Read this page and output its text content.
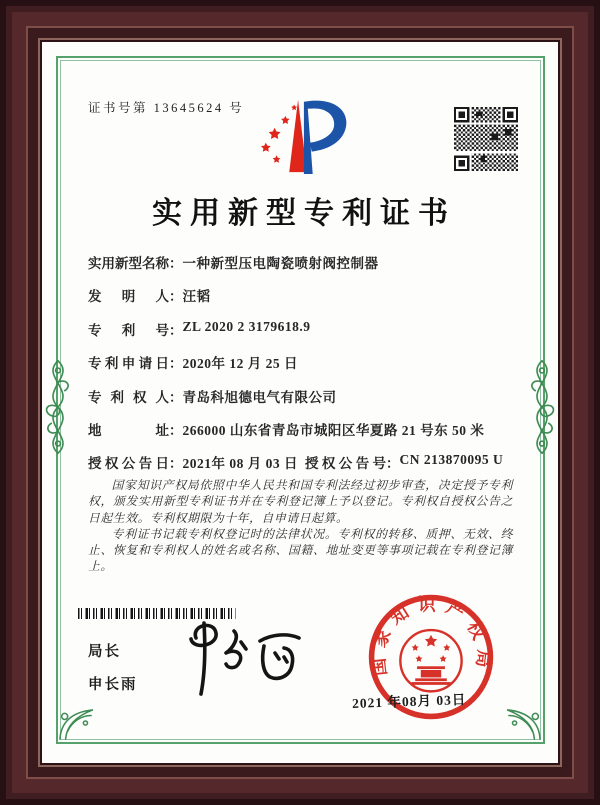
证书号第 13645624 号
实用新型专利证书
实用新型名称：一种新型压电陶瓷喷射阀控制器
发明人：汪韬
专利号：ZL 2020 2 3179618.9
专利申请日：2020年 12 月 25 日
专利权人：青岛科旭德电气有限公司
地址：266000 山东省青岛市城阳区华夏路 21 号东 50 米
授权公告日：2021年 08 月 03 日 授权公告号：CN 213870095 U

国家知识产权局依照中华人民共和国专利法经过初步审查，决定授予专利权，颁发实用新型专利证书并在专利登记簿上予以登记。专利权自授权公告之日起生效。专利权期限为十年，自申请日起算。

专利证书记载专利权登记时的法律状况。专利权的转移、质押、无效、终止、恢复和专利权人的姓名或名称、国籍、地址变更等事项记载在专利登记簿上。

局长
申长雨
国家知识产权局
2021 年08月 03日
